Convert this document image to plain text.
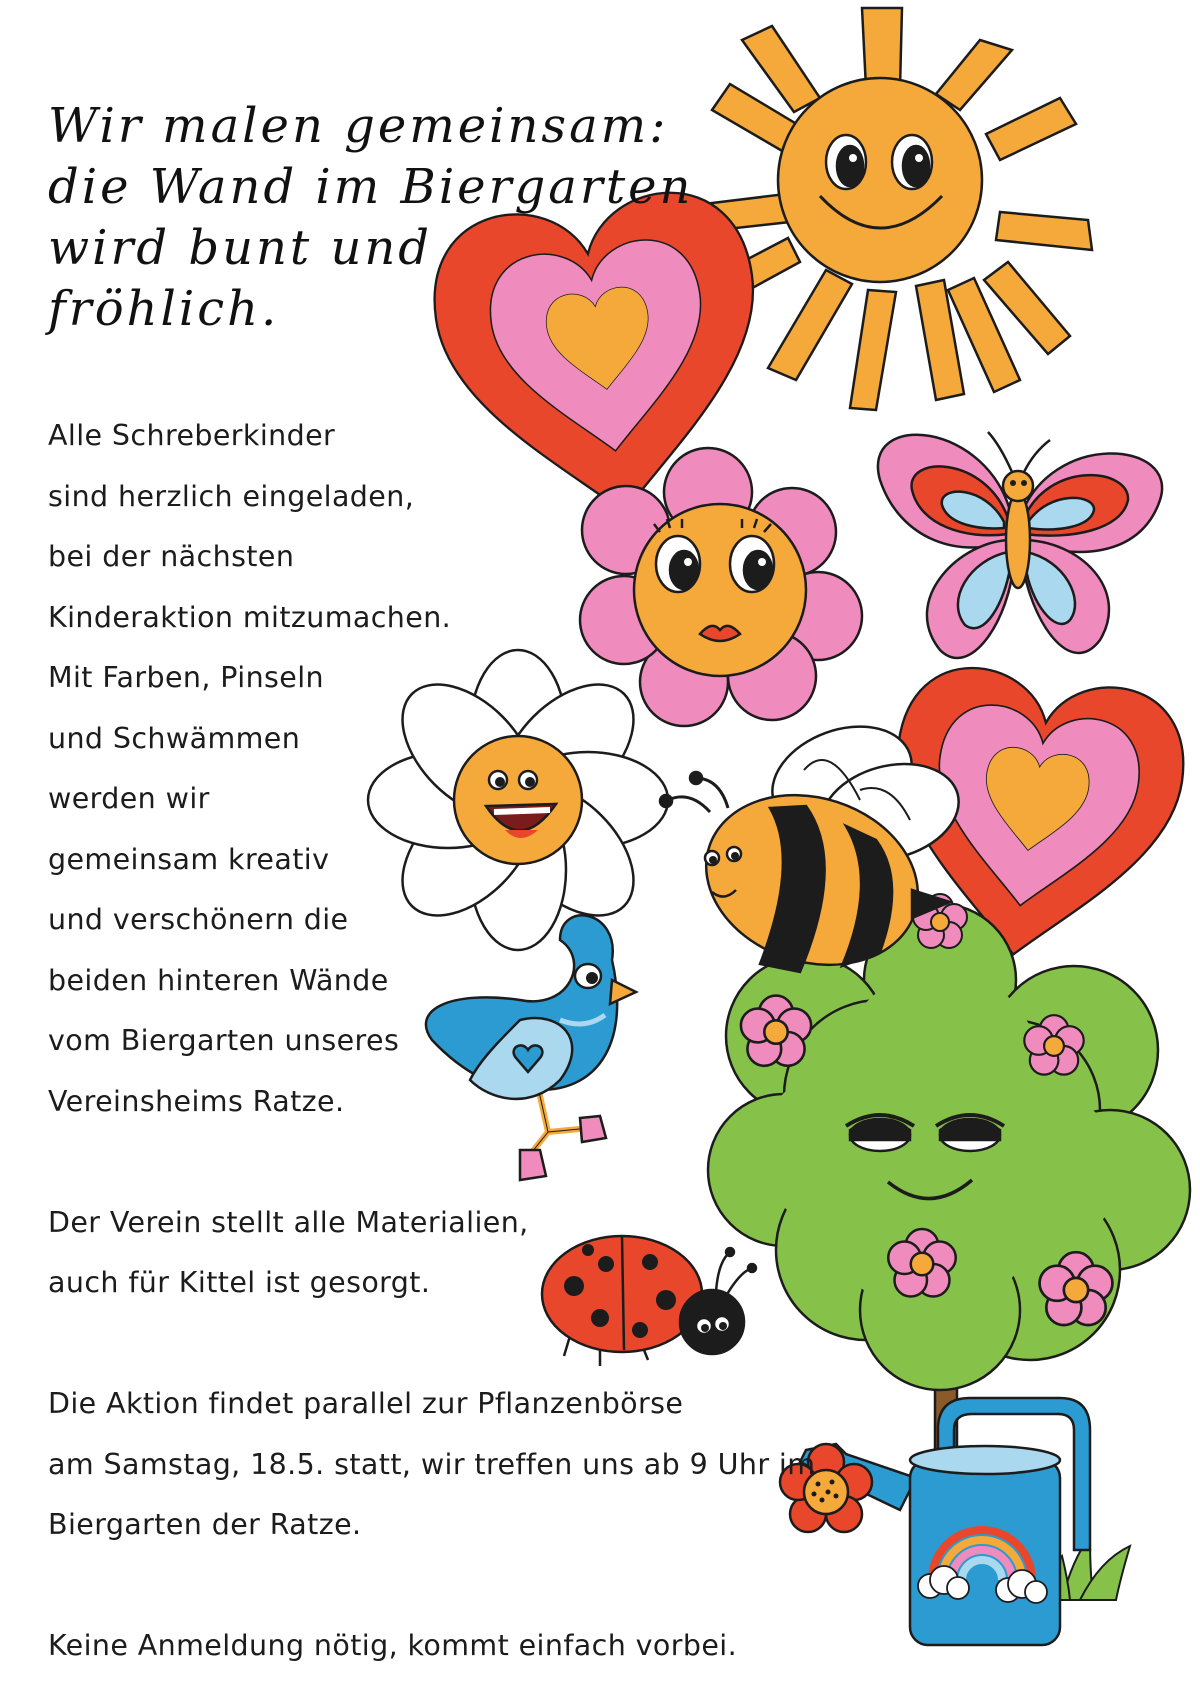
Wir malen gemeinsam:
die Wand im Biergarten
wird bunt und
fröhlich.
Alle Schreberkinder
sind herzlich eingeladen,
bei der nächsten
Kinderaktion mitzumachen.
Mit Farben, Pinseln
und Schwämmen
werden wir
gemeinsam kreativ
und verschönern die
beiden hinteren Wände
vom Biergarten unseres
Vereinsheims Ratze.
Der Verein stellt alle Materialien,
auch für Kittel ist gesorgt.
Die Aktion findet parallel zur Pflanzenbörse
am Samstag, 18.5. statt, wir treffen uns ab 9 Uhr im
Biergarten der Ratze.
Keine Anmeldung nötig, kommt einfach vorbei.
